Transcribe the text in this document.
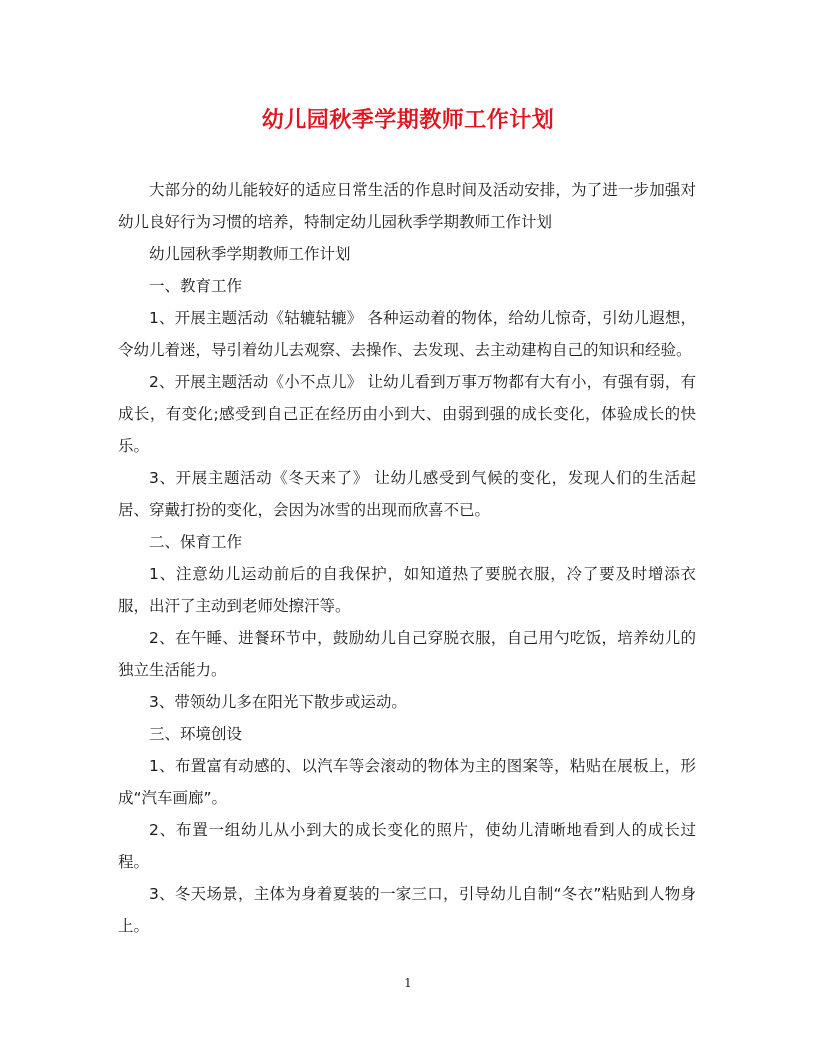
幼儿园秋季学期教师工作计划

大部分的幼儿能较好的适应日常生活的作息时间及活动安排，为了进一步加强对幼儿良好行为习惯的培养，特制定幼儿园秋季学期教师工作计划

幼儿园秋季学期教师工作计划

一、教育工作

1、开展主题活动《轱辘轱辘》 各种运动着的物体，给幼儿惊奇，引幼儿遐想，令幼儿着迷，导引着幼儿去观察、去操作、去发现、去主动建构自己的知识和经验。

2、开展主题活动《小不点儿》 让幼儿看到万事万物都有大有小，有强有弱，有成长，有变化;感受到自己正在经历由小到大、由弱到强的成长变化，体验成长的快乐。

3、开展主题活动《冬天来了》 让幼儿感受到气候的变化，发现人们的生活起居、穿戴打扮的变化，会因为冰雪的出现而欣喜不已。

二、保育工作

1、注意幼儿运动前后的自我保护，如知道热了要脱衣服，冷了要及时增添衣服，出汗了主动到老师处擦汗等。

2、在午睡、进餐环节中，鼓励幼儿自己穿脱衣服，自己用勺吃饭，培养幼儿的独立生活能力。

3、带领幼儿多在阳光下散步或运动。

三、环境创设

1、布置富有动感的、以汽车等会滚动的物体为主的图案等，粘贴在展板上，形成“汽车画廊”。

2、布置一组幼儿从小到大的成长变化的照片，使幼儿清晰地看到人的成长过程。

3、冬天场景，主体为身着夏装的一家三口，引导幼儿自制“冬衣”粘贴到人物身上。

1
